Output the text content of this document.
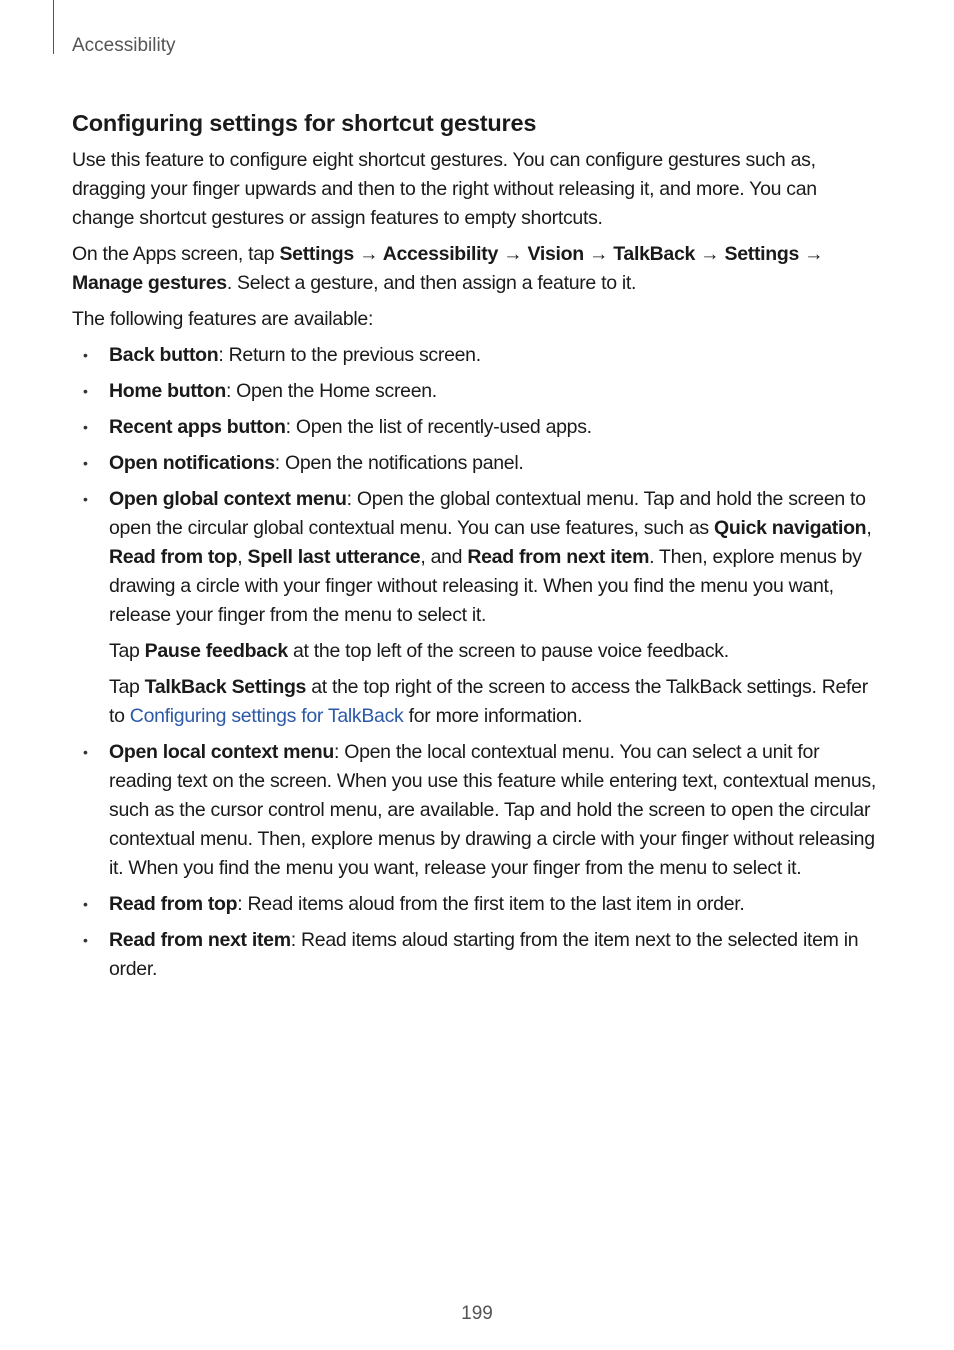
Accessibility
Configuring settings for shortcut gestures

Use this feature to configure eight shortcut gestures. You can configure gestures such as, dragging your finger upwards and then to the right without releasing it, and more. You can change shortcut gestures or assign features to empty shortcuts.

On the Apps screen, tap Settings → Accessibility → Vision → TalkBack → Settings → Manage gestures. Select a gesture, and then assign a feature to it.

The following features are available:

• Back button: Return to the previous screen.
• Home button: Open the Home screen.
• Recent apps button: Open the list of recently-used apps.
• Open notifications: Open the notifications panel.
• Open global context menu: Open the global contextual menu. Tap and hold the screen to open the circular global contextual menu. You can use features, such as Quick navigation, Read from top, Spell last utterance, and Read from next item. Then, explore menus by drawing a circle with your finger without releasing it. When you find the menu you want, release your finger from the menu to select it.
Tap Pause feedback at the top left of the screen to pause voice feedback.
Tap TalkBack Settings at the top right of the screen to access the TalkBack settings. Refer to Configuring settings for TalkBack for more information.
• Open local context menu: Open the local contextual menu. You can select a unit for reading text on the screen. When you use this feature while entering text, contextual menus, such as the cursor control menu, are available. Tap and hold the screen to open the circular contextual menu. Then, explore menus by drawing a circle with your finger without releasing it. When you find the menu you want, release your finger from the menu to select it.
• Read from top: Read items aloud from the first item to the last item in order.
• Read from next item: Read items aloud starting from the item next to the selected item in order.
199
